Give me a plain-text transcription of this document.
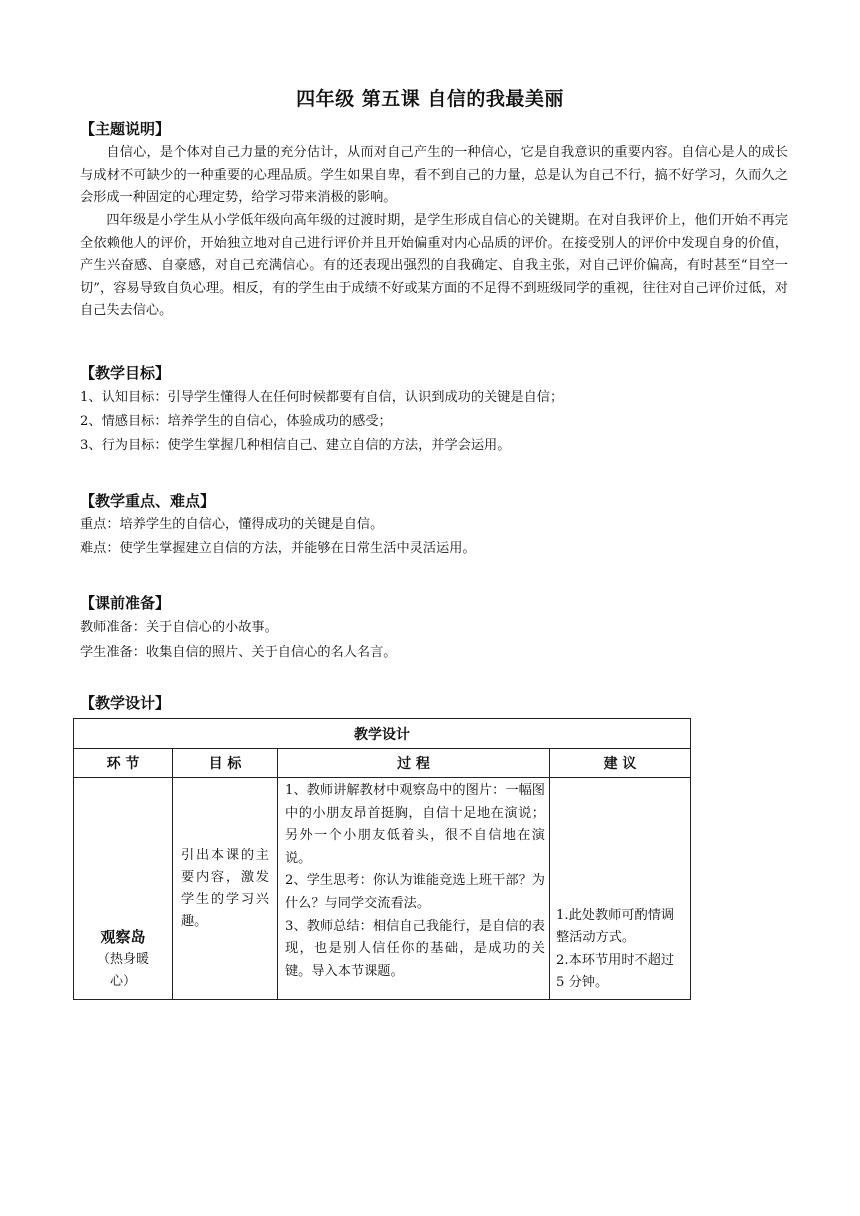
四年级 第五课 自信的我最美丽
【主题说明】
自信心，是个体对自己力量的充分估计，从而对自己产生的一种信心，它是自我意识的重要内容。自信心是人的成长与成材不可缺少的一种重要的心理品质。学生如果自卑，看不到自己的力量，总是认为自己不行，搞不好学习，久而久之会形成一种固定的心理定势，给学习带来消极的影响。
四年级是小学生从小学低年级向高年级的过渡时期，是学生形成自信心的关键期。在对自我评价上，他们开始不再完全依赖他人的评价，开始独立地对自己进行评价并且开始偏重对内心品质的评价。在接受别人的评价中发现自身的价值，产生兴奋感、自豪感，对自己充满信心。有的还表现出强烈的自我确定、自我主张，对自己评价偏高，有时甚至“目空一切”，容易导致自负心理。相反，有的学生由于成绩不好或某方面的不足得不到班级同学的重视，往往对自己评价过低，对自己失去信心。
【教学目标】
1、认知目标：引导学生懂得人在任何时候都要有自信，认识到成功的关键是自信；
2、情感目标：培养学生的自信心，体验成功的感受；
3、行为目标：使学生掌握几种相信自己、建立自信的方法，并学会运用。
【教学重点、难点】
重点：培养学生的自信心，懂得成功的关键是自信。
难点：使学生掌握建立自信的方法，并能够在日常生活中灵活运用。
【课前准备】
教师准备：关于自信心的小故事。
学生准备：收集自信的照片、关于自信心的名人名言。
【教学设计】
教学设计			
环 节	目 标	过 程	建 议

观察岛
（热身暖心）	引出本课的主要内容，激发学生的学习兴趣。	1、教师讲解教材中观察岛中的图片：一幅图中的小朋友昂首挺胸，自信十足地在演说；另外一个小朋友低着头，很不自信地在演说。
2、学生思考：你认为谁能竞选上班干部？为什么？与同学交流看法。
3、教师总结：相信自己我能行，是自信的表现，也是别人信任你的基础，是成功的关键。导入本节课题。	1.此处教师可酌情调整活动方式。
2.本环节用时不超过 5 分钟。
